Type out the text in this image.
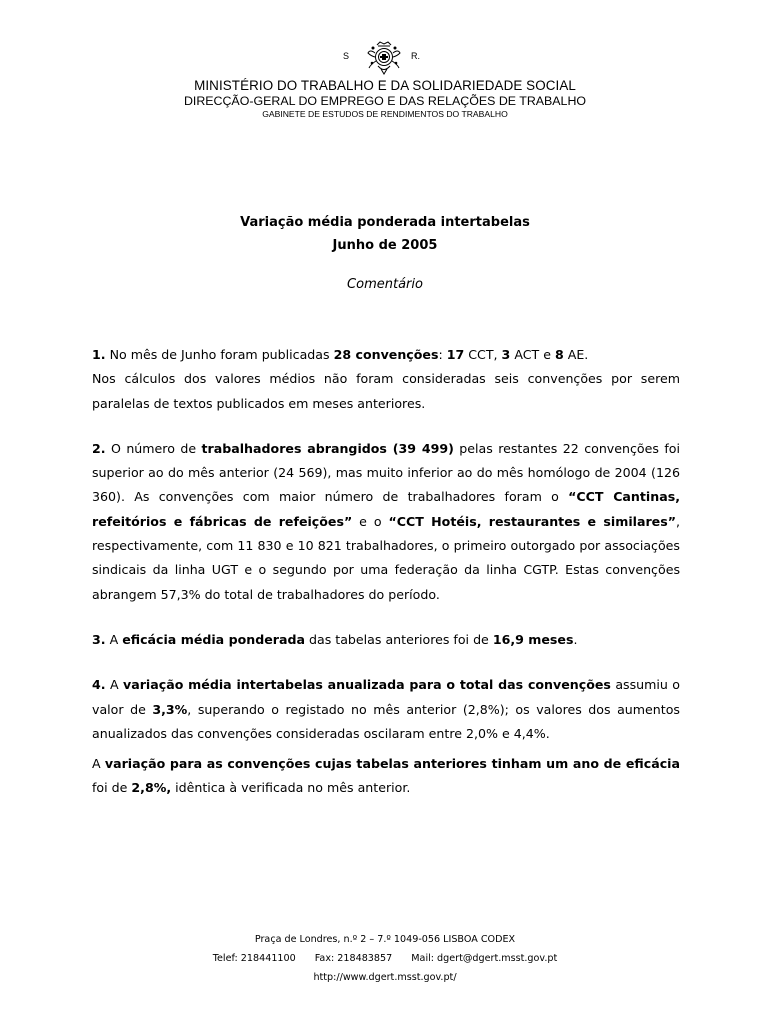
S	R.
MINISTÉRIO DO TRABALHO E DA SOLIDARIEDADE SOCIAL
DIRECÇÃO-GERAL DO EMPREGO E DAS RELAÇÕES DE TRABALHO
GABINETE DE ESTUDOS DE RENDIMENTOS DO TRABALHO
Variação média ponderada intertabelas
Junho de 2005
Comentário

1. No mês de Junho foram publicadas 28 convenções: 17 CCT, 3 ACT e 8 AE.

Nos cálculos dos valores médios não foram consideradas seis convenções por serem paralelas de textos publicados em meses anteriores.

2. O número de trabalhadores abrangidos (39 499) pelas restantes 22 convenções foi superior ao do mês anterior (24 569), mas muito inferior ao do mês homólogo de 2004 (126 360). As convenções com maior número de trabalhadores foram o “CCT Cantinas, refeitórios e fábricas de refeições” e o “CCT Hotéis, restaurantes e similares”, respectivamente, com 11 830 e 10 821 trabalhadores, o primeiro outorgado por associações sindicais da linha UGT e o segundo por uma federação da linha CGTP. Estas convenções abrangem 57,3% do total de trabalhadores do período.

3. A eficácia média ponderada das tabelas anteriores foi de 16,9 meses.

4. A variação média intertabelas anualizada para o total das convenções assumiu o valor de 3,3%, superando o registado no mês anterior (2,8%); os valores dos aumentos anualizados das convenções consideradas oscilaram entre 2,0% e 4,4%.

A variação para as convenções cujas tabelas anteriores tinham um ano de eficácia foi de 2,8%, idêntica à verificada no mês anterior.

Praça de Londres, n.º 2 – 7.º 1049-056 LISBOA CODEX
Telef: 218441100 Fax: 218483857 Mail: dgert@dgert.msst.gov.pt
http://www.dgert.msst.gov.pt/
